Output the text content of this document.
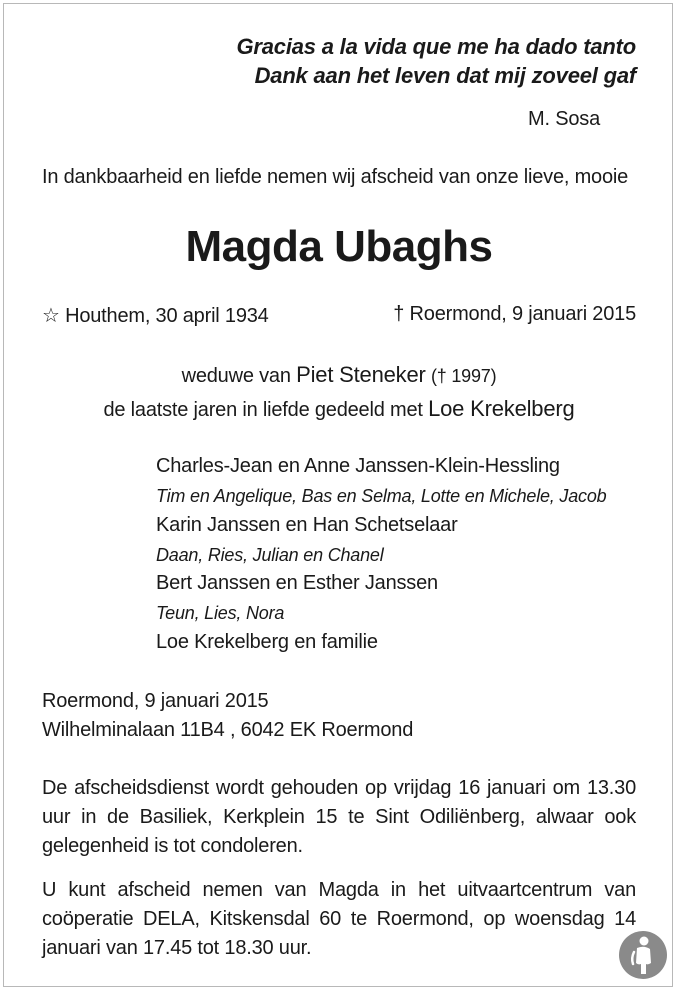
Gracias a la vida que me ha dado tanto
Dank aan het leven dat mij zoveel gaf
M. Sosa
In dankbaarheid en liefde nemen wij afscheid van onze lieve, mooie
Magda Ubaghs
☆ Houthem, 30 april 1934	† Roermond, 9 januari 2015
weduwe van Piet Steneker († 1997)
de laatste jaren in liefde gedeeld met Loe Krekelberg
Charles-Jean en Anne Janssen-Klein-Hessling
Tim en Angelique, Bas en Selma, Lotte en Michele, Jacob
Karin Janssen en Han Schetselaar
Daan, Ries, Julian en Chanel
Bert Janssen en Esther Janssen
Teun, Lies, Nora
Loe Krekelberg en familie
Roermond, 9 januari 2015
Wilhelminalaan 11B4 , 6042 EK Roermond
De afscheidsdienst wordt gehouden op vrijdag 16 januari om 13.30 uur in de Basiliek, Kerkplein 15 te Sint Odiliënberg, alwaar ook gelegenheid is tot condoleren.
U kunt afscheid nemen van Magda in het uitvaartcentrum van coöperatie DELA, Kitskensdal 60 te Roermond, op woensdag 14 januari van 17.45 tot 18.30 uur.
